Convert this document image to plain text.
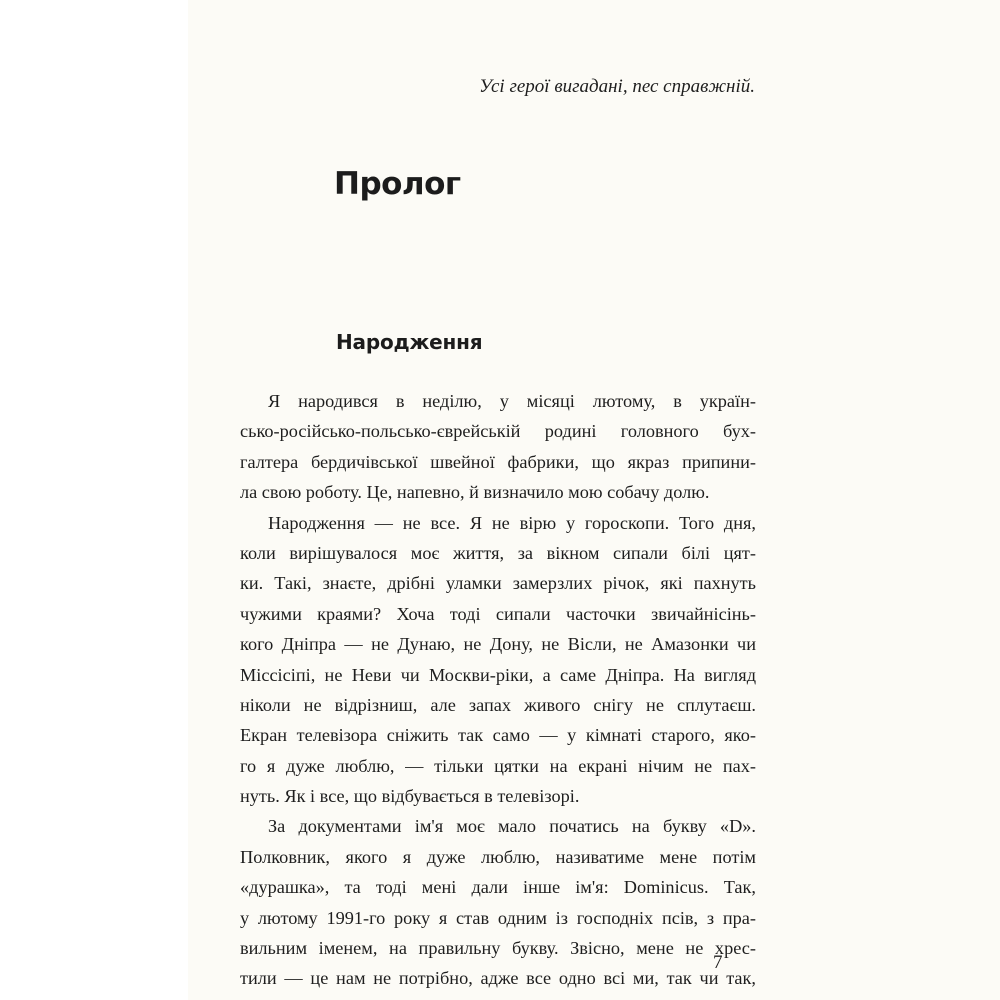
Усі герої вигадані, пес справжній.

Пролог
Народження
Я народився в неділю, у місяці лютому, в україн-
сько-російсько-польсько-єврейській родині головного бух-
галтера бердичівської швейної фабрики, що якраз припини-
ла свою роботу. Це, напевно, й визначило мою собачу долю.
Народження — не все. Я не вірю у гороскопи. Того дня,
коли вирішувалося моє життя, за вікном сипали білі цят-
ки. Такі, знаєте, дрібні уламки замерзлих річок, які пахнуть
чужими краями? Хоча тоді сипали часточки звичайнісінь-
кого Дніпра — не Дунаю, не Дону, не Вісли, не Амазонки чи
Міссісіпі, не Неви чи Москви-ріки, а саме Дніпра. На вигляд
ніколи не відрізниш, але запах живого снігу не сплутаєш.
Екран телевізора сніжить так само — у кімнаті старого, яко-
го я дуже люблю, — тільки цятки на екрані нічим не пах-
нуть. Як і все, що відбувається в телевізорі.
За документами ім'я моє мало початись на букву «D».
Полковник, якого я дуже люблю, називатиме мене потім
«дурашка», та тоді мені дали інше ім'я: Dominicus. Так,
у лютому 1991-го року я став одним із господніх псів, з пра-
вильним іменем, на правильну букву. Звісно, мене не хрес-
тили — це нам не потрібно, адже все одно всі ми, так чи так,

7
